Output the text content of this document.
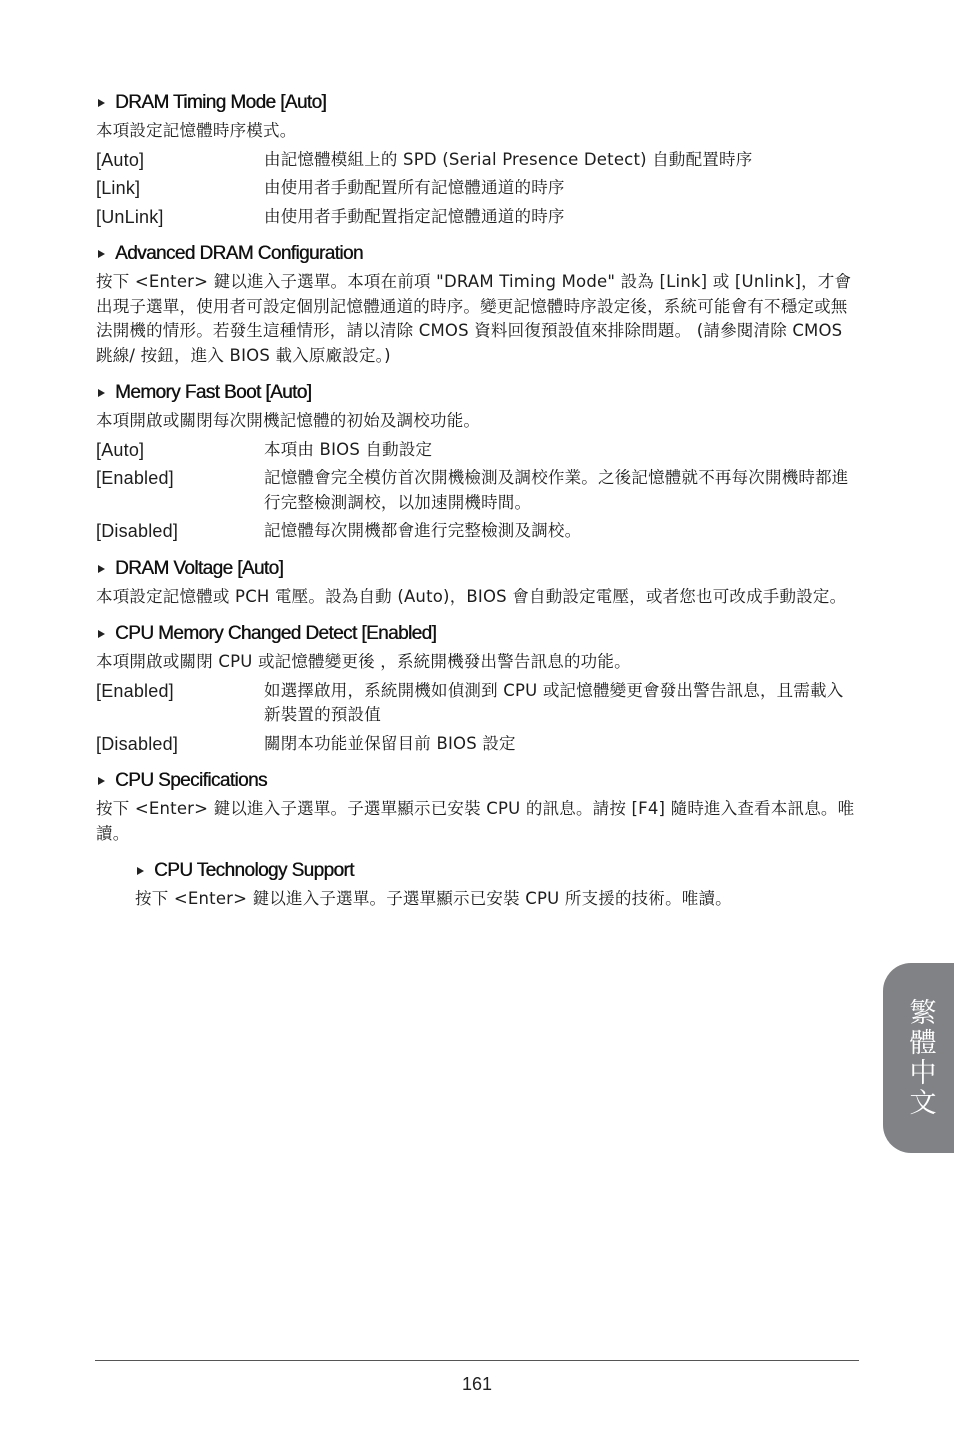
DRAM Timing Mode [Auto]
本項設定記憶體時序模式。
[Auto]	由記憶體模組上的 SPD (Serial Presence Detect) 自動配置時序
[Link]	由使用者手動配置所有記憶體通道的時序
[UnLink]	由使用者手動配置指定記憶體通道的時序
Advanced DRAM Configuration
按下 <Enter> 鍵以進入子選單。本項在前項 "DRAM Timing Mode" 設為 [Link] 或 [Unlink]，才會出現子選單，使用者可設定個別記憶體通道的時序。變更記憶體時序設定後，系統可能會有不穩定或無法開機的情形。若發生這種情形，請以清除 CMOS 資料回復預設值來排除問題。 (請參閱清除 CMOS 跳線/ 按鈕，進入 BIOS 載入原廠設定。)
Memory Fast Boot [Auto]
本項開啟或關閉每次開機記憶體的初始及調校功能。
[Auto]	本項由 BIOS 自動設定
[Enabled]	記憶體會完全模仿首次開機檢測及調校作業。之後記憶體就不再每次開機時都進行完整檢測調校，以加速開機時間。
[Disabled]	記憶體每次開機都會進行完整檢測及調校。
DRAM Voltage [Auto]
本項設定記憶體或 PCH 電壓。設為自動 (Auto)，BIOS 會自動設定電壓，或者您也可改成手動設定。
CPU Memory Changed Detect [Enabled]
本項開啟或關閉 CPU 或記憶體變更後 ，系統開機發出警告訊息的功能。
[Enabled]	如選擇啟用，系統開機如偵測到 CPU 或記憶體變更會發出警告訊息，且需載入新裝置的預設值
[Disabled]	關閉本功能並保留目前 BIOS 設定
CPU Specifications
按下 <Enter> 鍵以進入子選單。子選單顯示已安裝 CPU 的訊息。請按 [F4] 隨時進入查看本訊息。唯讀。
CPU Technology Support
按下 <Enter> 鍵以進入子選單。子選單顯示已安裝 CPU 所支援的技術。唯讀。
繁體中文
161
